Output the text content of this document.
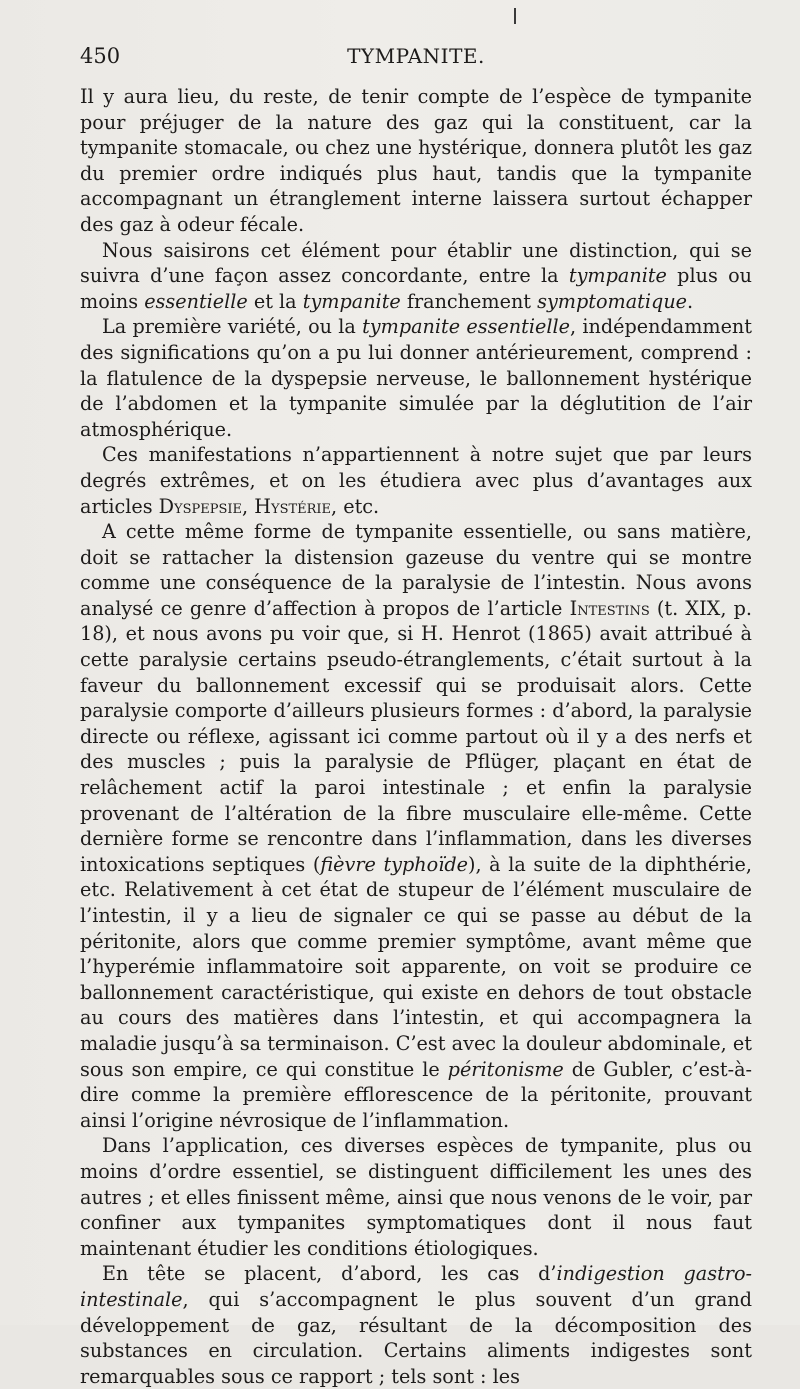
450	TYMPANITE.

Il y aura lieu, du reste, de tenir compte de l’espèce de tympanite pour préjuger de la nature des gaz qui la constituent, car la tympanite stomacale, ou chez une hystérique, donnera plutôt les gaz du premier ordre indiqués plus haut, tandis que la tympanite accompagnant un étranglement interne laissera surtout échapper des gaz à odeur fécale.

Nous saisirons cet élément pour établir une distinction, qui se suivra d’une façon assez concordante, entre la tympanite plus ou moins essentielle et la tympanite franchement symptomatique.

La première variété, ou la tympanite essentielle, indépendamment des significations qu’on a pu lui donner antérieurement, comprend : la flatulence de la dyspepsie nerveuse, le ballonnement hystérique de l’abdomen et la tympanite simulée par la déglutition de l’air atmosphérique.

Ces manifestations n’appartiennent à notre sujet que par leurs degrés extrêmes, et on les étudiera avec plus d’avantages aux articles Dyspepsie, Hystérie, etc.

A cette même forme de tympanite essentielle, ou sans matière, doit se rattacher la distension gazeuse du ventre qui se montre comme une conséquence de la paralysie de l’intestin. Nous avons analysé ce genre d’affection à propos de l’article Intestins (t. XIX, p. 18), et nous avons pu voir que, si H. Henrot (1865) avait attribué à cette paralysie certains pseudo-étranglements, c’était surtout à la faveur du ballonnement excessif qui se produisait alors. Cette paralysie comporte d’ailleurs plusieurs formes : d’abord, la paralysie directe ou réflexe, agissant ici comme partout où il y a des nerfs et des muscles ; puis la paralysie de Pflüger, plaçant en état de relâchement actif la paroi intestinale ; et enfin la paralysie provenant de l’altération de la fibre musculaire elle-même. Cette dernière forme se rencontre dans l’inflammation, dans les diverses intoxications septiques (fièvre typhoïde), à la suite de la diphthérie, etc. Relativement à cet état de stupeur de l’élément musculaire de l’intestin, il y a lieu de signaler ce qui se passe au début de la péritonite, alors que comme premier symptôme, avant même que l’hyperémie inflammatoire soit apparente, on voit se produire ce ballonnement caractéristique, qui existe en dehors de tout obstacle au cours des matières dans l’intestin, et qui accompagnera la maladie jusqu’à sa terminaison. C’est avec la douleur abdominale, et sous son empire, ce qui constitue le péritonisme de Gubler, c’est-à-dire comme la première efflorescence de la péritonite, prouvant ainsi l’origine névrosique de l’inflammation.

Dans l’application, ces diverses espèces de tympanite, plus ou moins d’ordre essentiel, se distinguent difficilement les unes des autres ; et elles finissent même, ainsi que nous venons de le voir, par confiner aux tympanites symptomatiques dont il nous faut maintenant étudier les conditions étiologiques.

En tête se placent, d’abord, les cas d’indigestion gastro-intestinale, qui s’accompagnent le plus souvent d’un grand développement de gaz, résultant de la décomposition des substances en circulation. Certains aliments indigestes sont remarquables sous ce rapport ; tels sont : les
